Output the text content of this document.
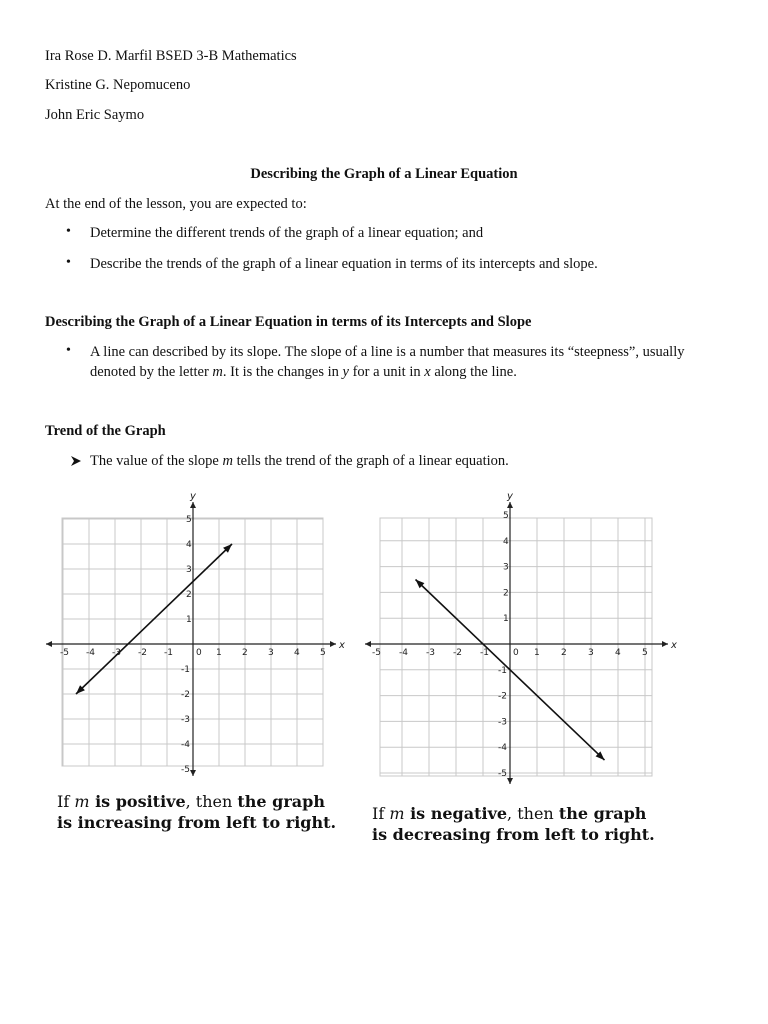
Ira Rose D. Marfil BSED 3-B Mathematics
Kristine G. Nepomuceno
John Eric Saymo
Describing the Graph of a Linear Equation
At the end of the lesson, you are expected to:
• Determine the different trends of the graph of a linear equation; and
• Describe the trends of the graph of a linear equation in terms of its intercepts and slope.
Describing the Graph of a Linear Equation in terms of its Intercepts and Slope
• A line can described by its slope. The slope of a line is a number that measures its “steepness”, usually
denoted by the letter m. It is the changes in y for a unit in x along the line.
Trend of the Graph
The value of the slope m tells the trend of the graph of a linear equation.
x
y
-5 -4 -3 -2 -1	0 1 2 3 4 5
5
4
3
2
1
-1
-2
-3
-4
-5
x
y
-5 -4 -3 -2 -1	0 1 2 3 4 5
5
4
3
2
1
-1
-2
-3
-4
-5
If m is positive, then the graph
is increasing from left to right. If m is negative, then the graph
is decreasing from left to right.
